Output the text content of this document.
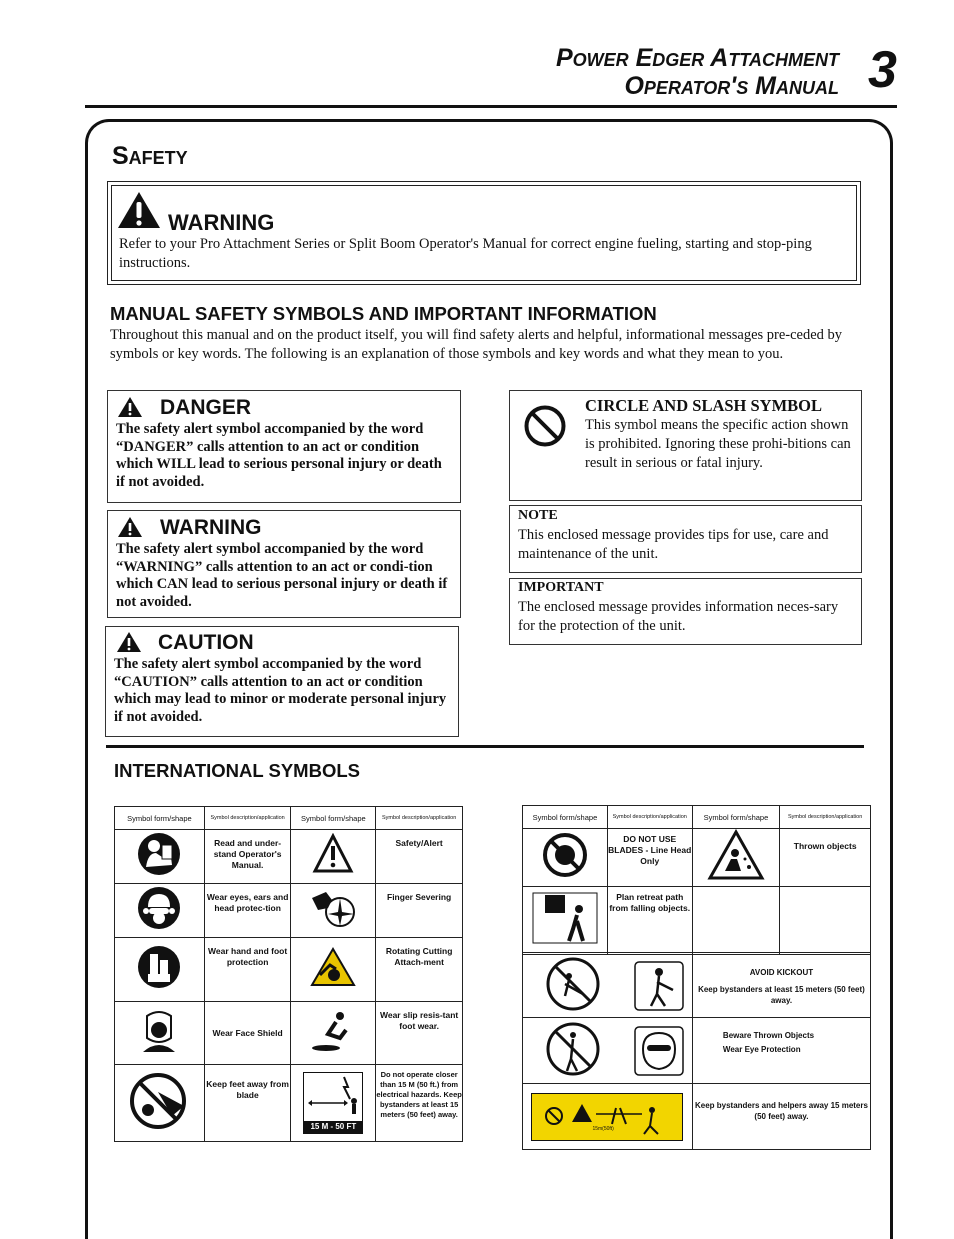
Power Edger Attachment
Operator's Manual 3
Safety
WARNING
Refer to your Pro Attachment Series or Split Boom Operator's Manual for correct engine fueling, starting and stop-ping instructions.
MANUAL SAFETY SYMBOLS AND IMPORTANT INFORMATION
Throughout this manual and on the product itself, you will find safety alerts and helpful, informational messages pre-ceded by symbols or key words. The following is an explanation of those symbols and key words and what they mean to you.
DANGER
The safety alert symbol accompanied by the word “DANGER” calls attention to an act or condition which WILL lead to serious personal injury or death if not avoided.
WARNING
The safety alert symbol accompanied by the word “WARNING” calls attention to an act or condi-tion which CAN lead to serious personal injury or death if not avoided.
CAUTION
The safety alert symbol accompanied by the word “CAUTION” calls attention to an act or condition which may lead to minor or moderate personal injury if not avoided.
CIRCLE AND SLASH SYMBOL
This symbol means the specific action shown is prohibited. Ignoring these prohi-bitions can result in serious or fatal injury.
NOTE
This enclosed message provides tips for use, care and maintenance of the unit.
IMPORTANT
The enclosed message provides information neces-sary for the protection of the unit.
INTERNATIONAL SYMBOLS
Symbol form/shape	Symbol description/application	Symbol form/shape	Symbol description/application
	Read and under-stand Operator's Manual.		Safety/Alert
	Wear eyes, ears and head protec-tion		Finger Severing
	Wear hand and foot protection		Rotating Cutting Attach-ment
	Wear Face Shield		Wear slip resis-tant foot wear.
	Keep feet away from blade	15 M - 50 FT	Do not operate closer than 15 M (50 ft.) from electrical hazards. Keep bystanders at least 15 meters (50 feet) away.
Symbol form/shape	Symbol description/application	Symbol form/shape	Symbol description/application
	DO NOT USE BLADES - Line Head Only		Thrown objects
	Plan retreat path from falling objects.		

AVOID KICKOUT
Keep bystanders at least 15 meters (50 feet) away.

Beware Thrown Objects
Wear Eye Protection

15m(50ft)	Keep bystanders and helpers away 15 meters (50 feet) away.
